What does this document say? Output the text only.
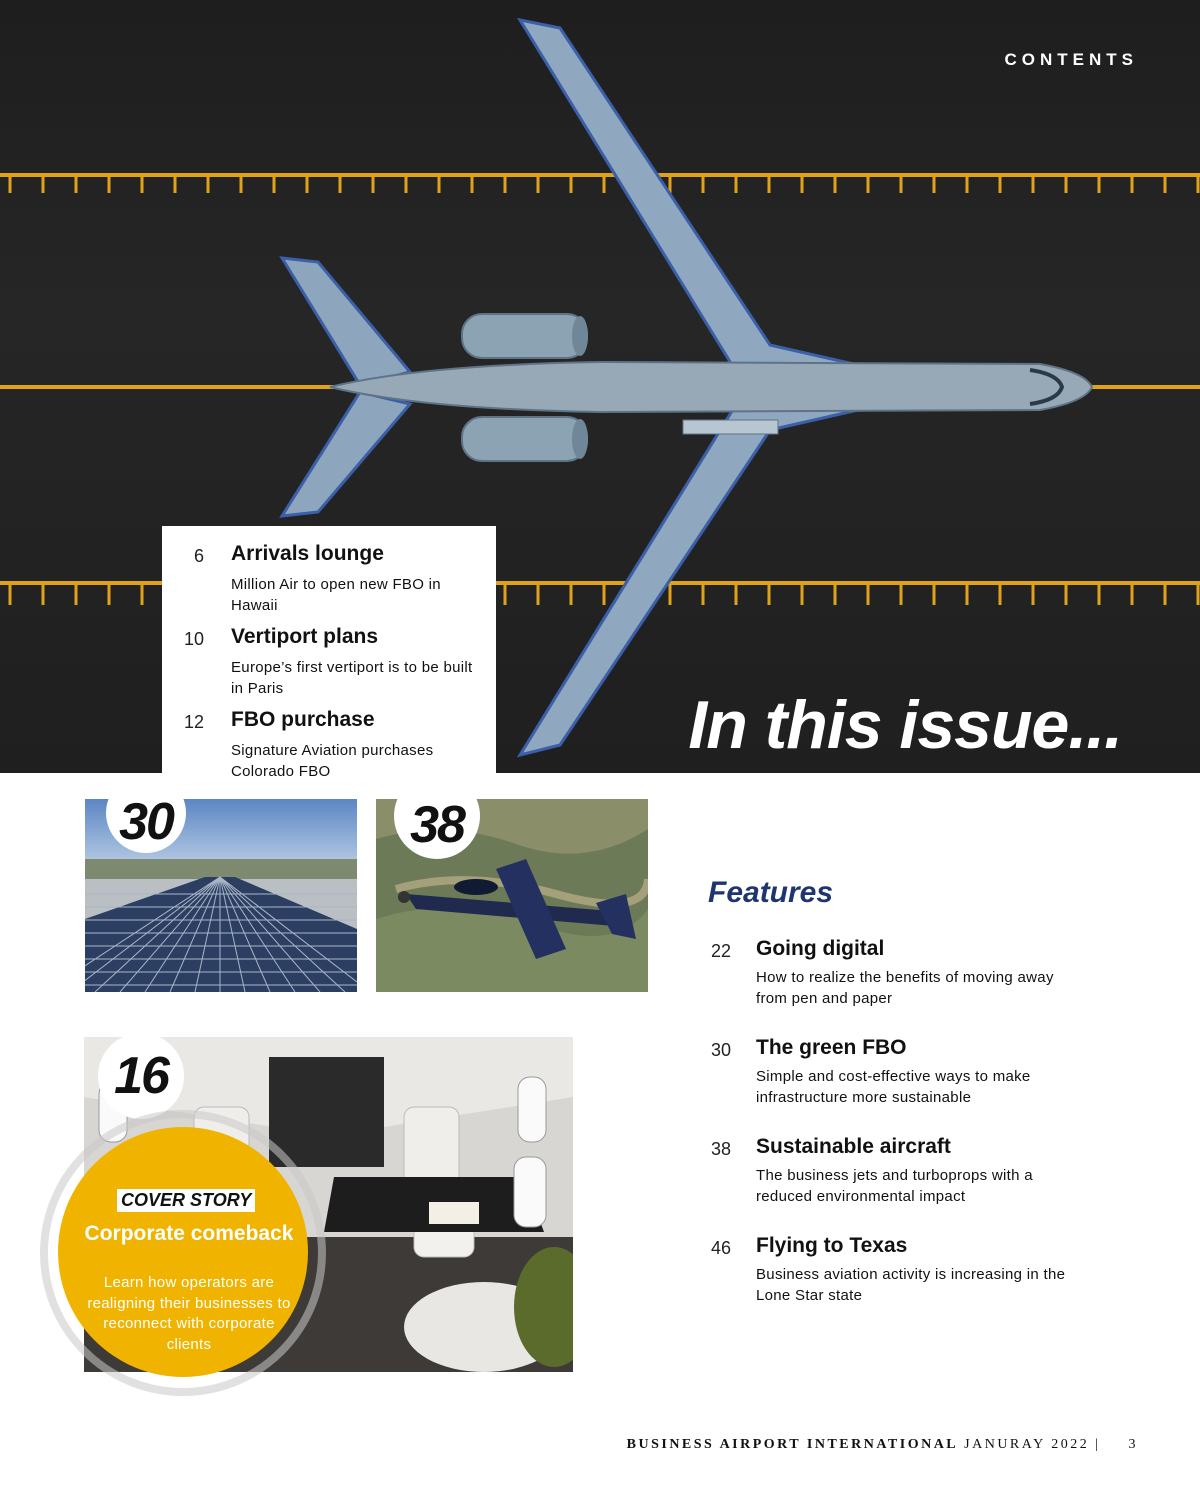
CONTENTS
In this issue...
6 Arrivals lounge
Million Air to open new FBO in Hawaii
10 Vertiport plans
Europe’s first vertiport is to be built in Paris
12 FBO purchase
Signature Aviation purchases Colorado FBO
30	38
16
COVER STORY
Corporate comeback
Learn how operators are realigning their businesses to reconnect with corporate clients
Features
22 Going digital
How to realize the benefits of moving away from pen and paper
30 The green FBO
Simple and cost-effective ways to make infrastructure more sustainable
38 Sustainable aircraft
The business jets and turboprops with a reduced environmental impact
46 Flying to Texas
Business aviation activity is increasing in the Lone Star state
BUSINESS AIRPORT INTERNATIONAL JANURAY 2022 | 3
